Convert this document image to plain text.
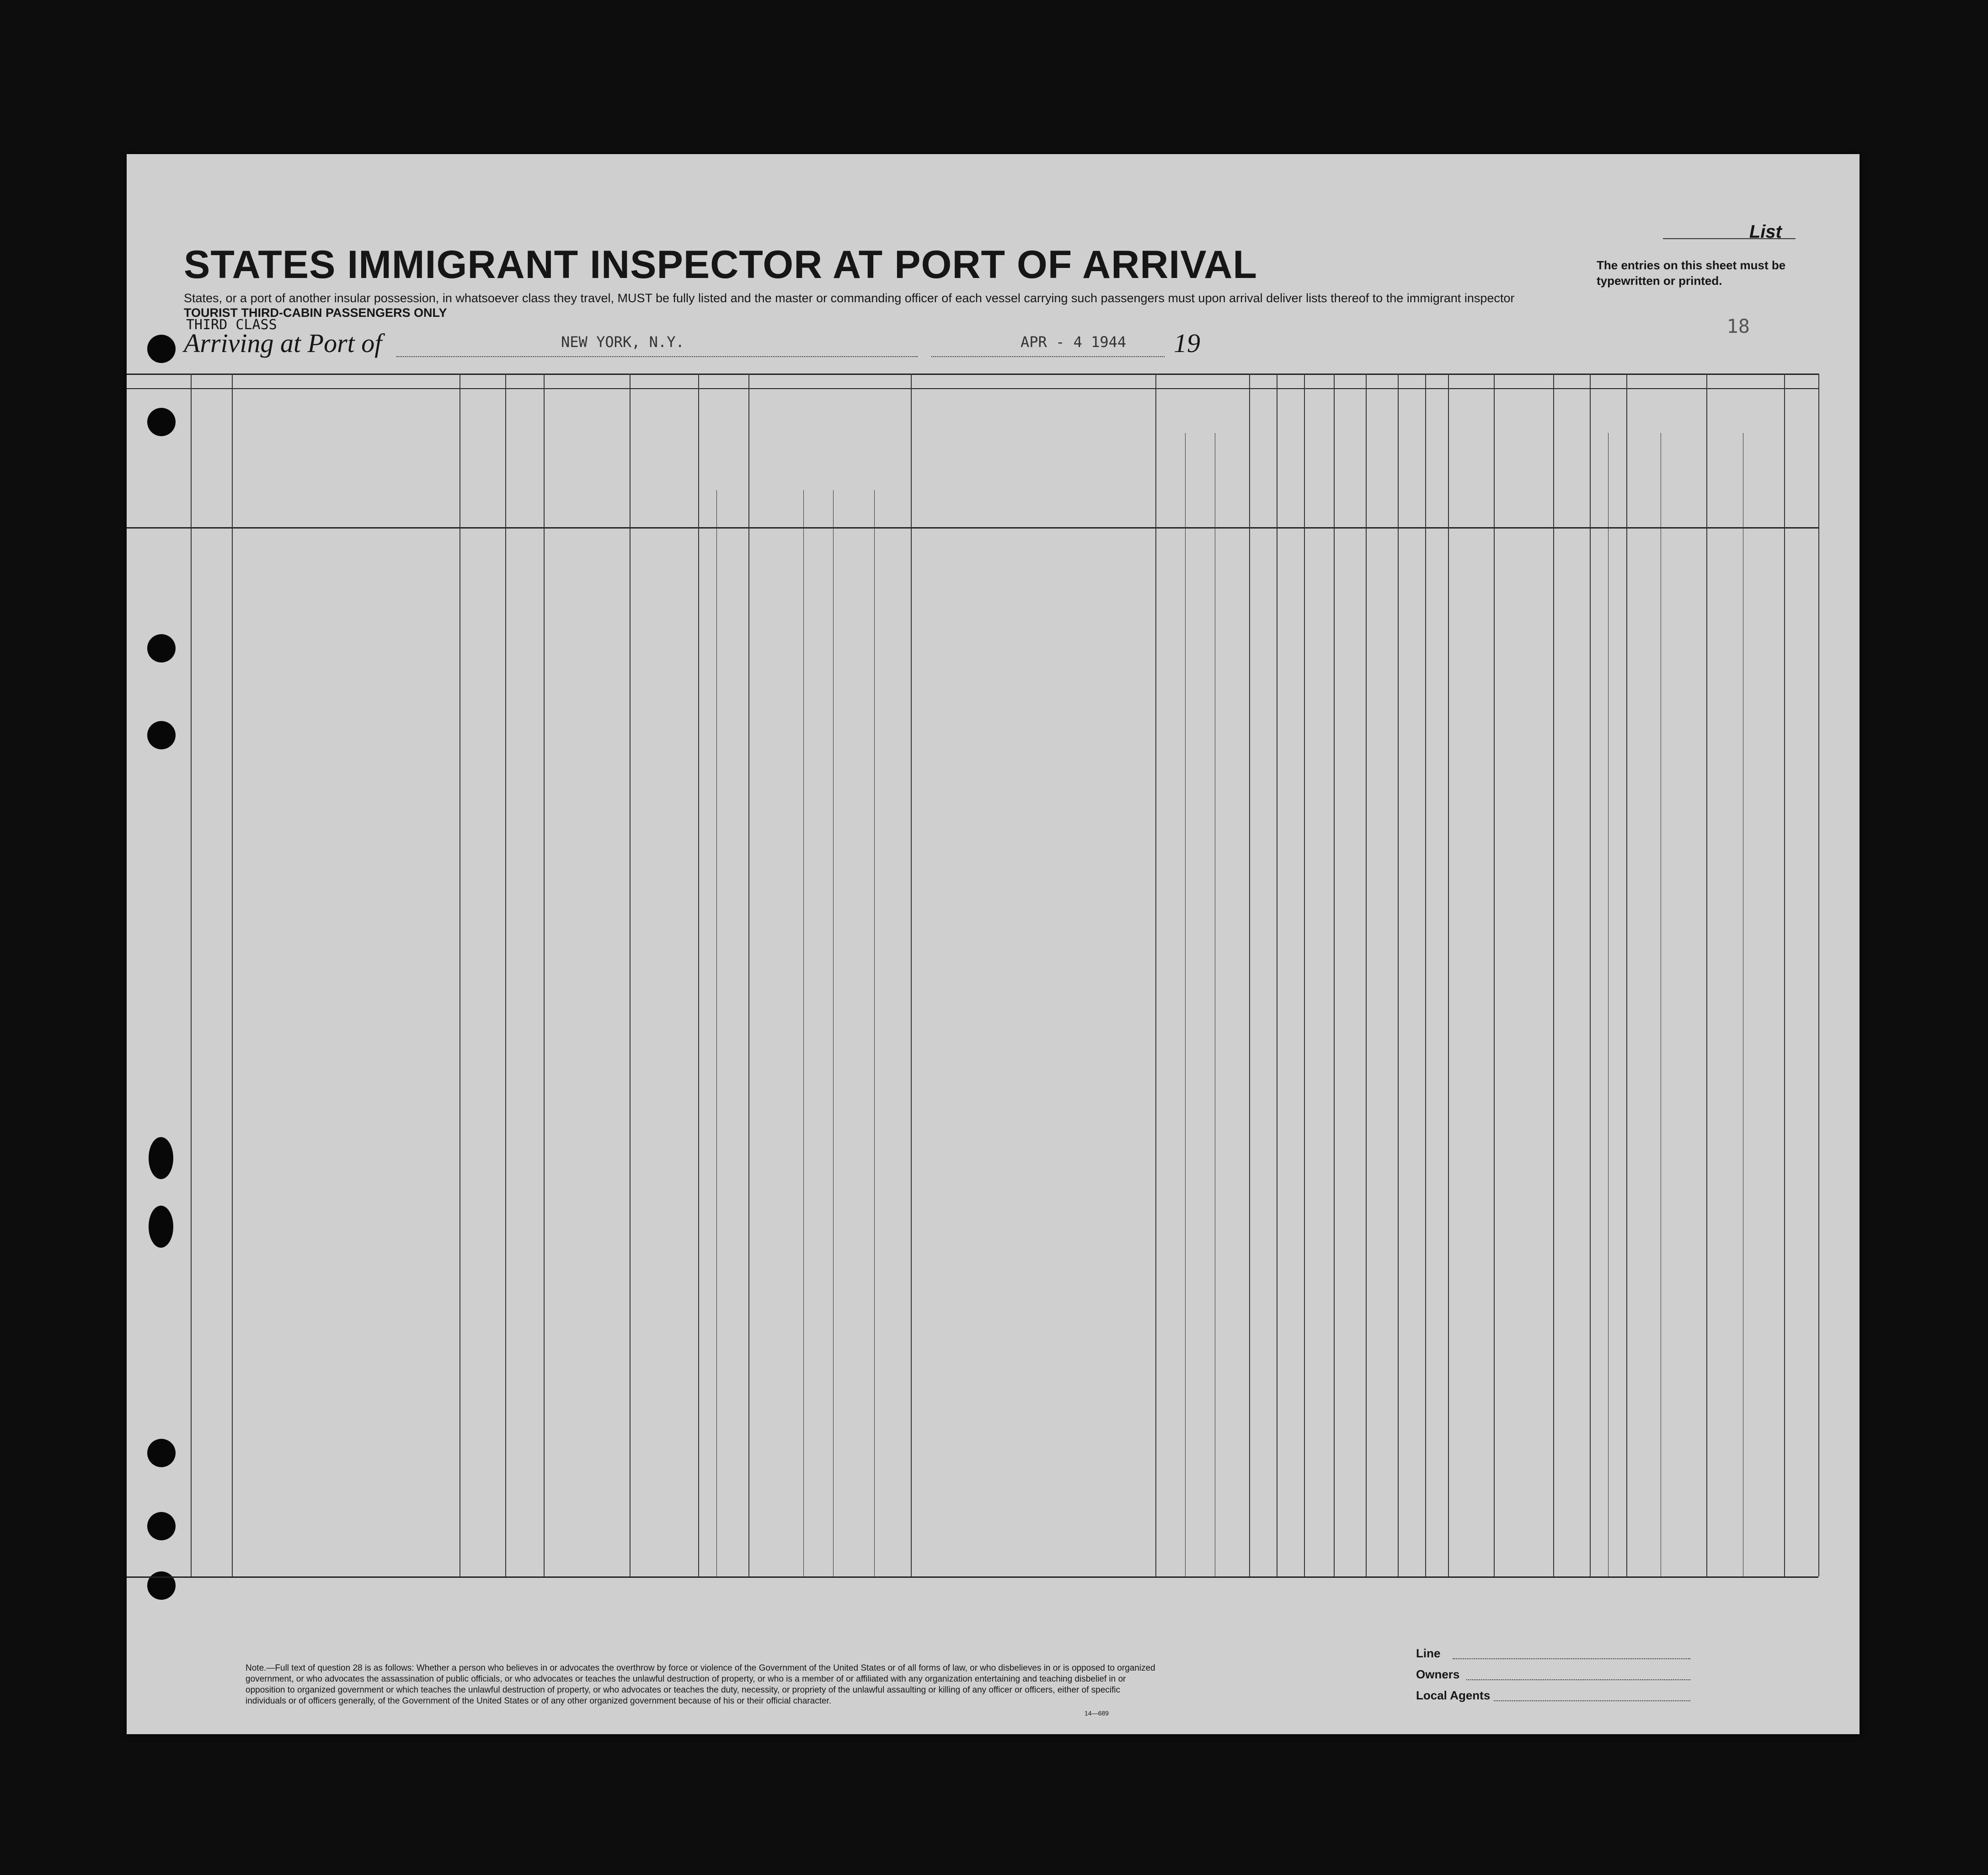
STATES IMMIGRANT INSPECTOR AT PORT OF ARRIVAL
States, or a port of another insular possession, in whatsoever class they travel, MUST be fully listed and the master or commanding officer of each vessel carrying such passengers must upon arrival deliver lists thereof to the immigrant inspector
TOURIST THIRD-CABIN PASSENGERS ONLY
THIRD CLASS
List
The entries on this sheet must be typewritten or printed.
18
Arriving at Port of	NEW YORK, N.Y.	APR - 4 1944 19
Note.—Full text of question 28 is as follows: Whether a person who believes in or advocates the overthrow by force or violence of the Government of the United States or of all forms of law, or who disbelieves in or is opposed to organized government, or who advocates the assassination of public officials, or who advocates or teaches the unlawful destruction of property, or who is a member of or affiliated with any organization entertaining and teaching disbelief in or opposition to organized government or which teaches the unlawful destruction of property, or who advocates or teaches the duty, necessity, or propriety of the unlawful assaulting or killing of any officer or officers, either of specific individuals or of officers generally, of the Government of the United States or of any other organized government because of his or their official character.
14—689
Line
Owners
Local Agents
